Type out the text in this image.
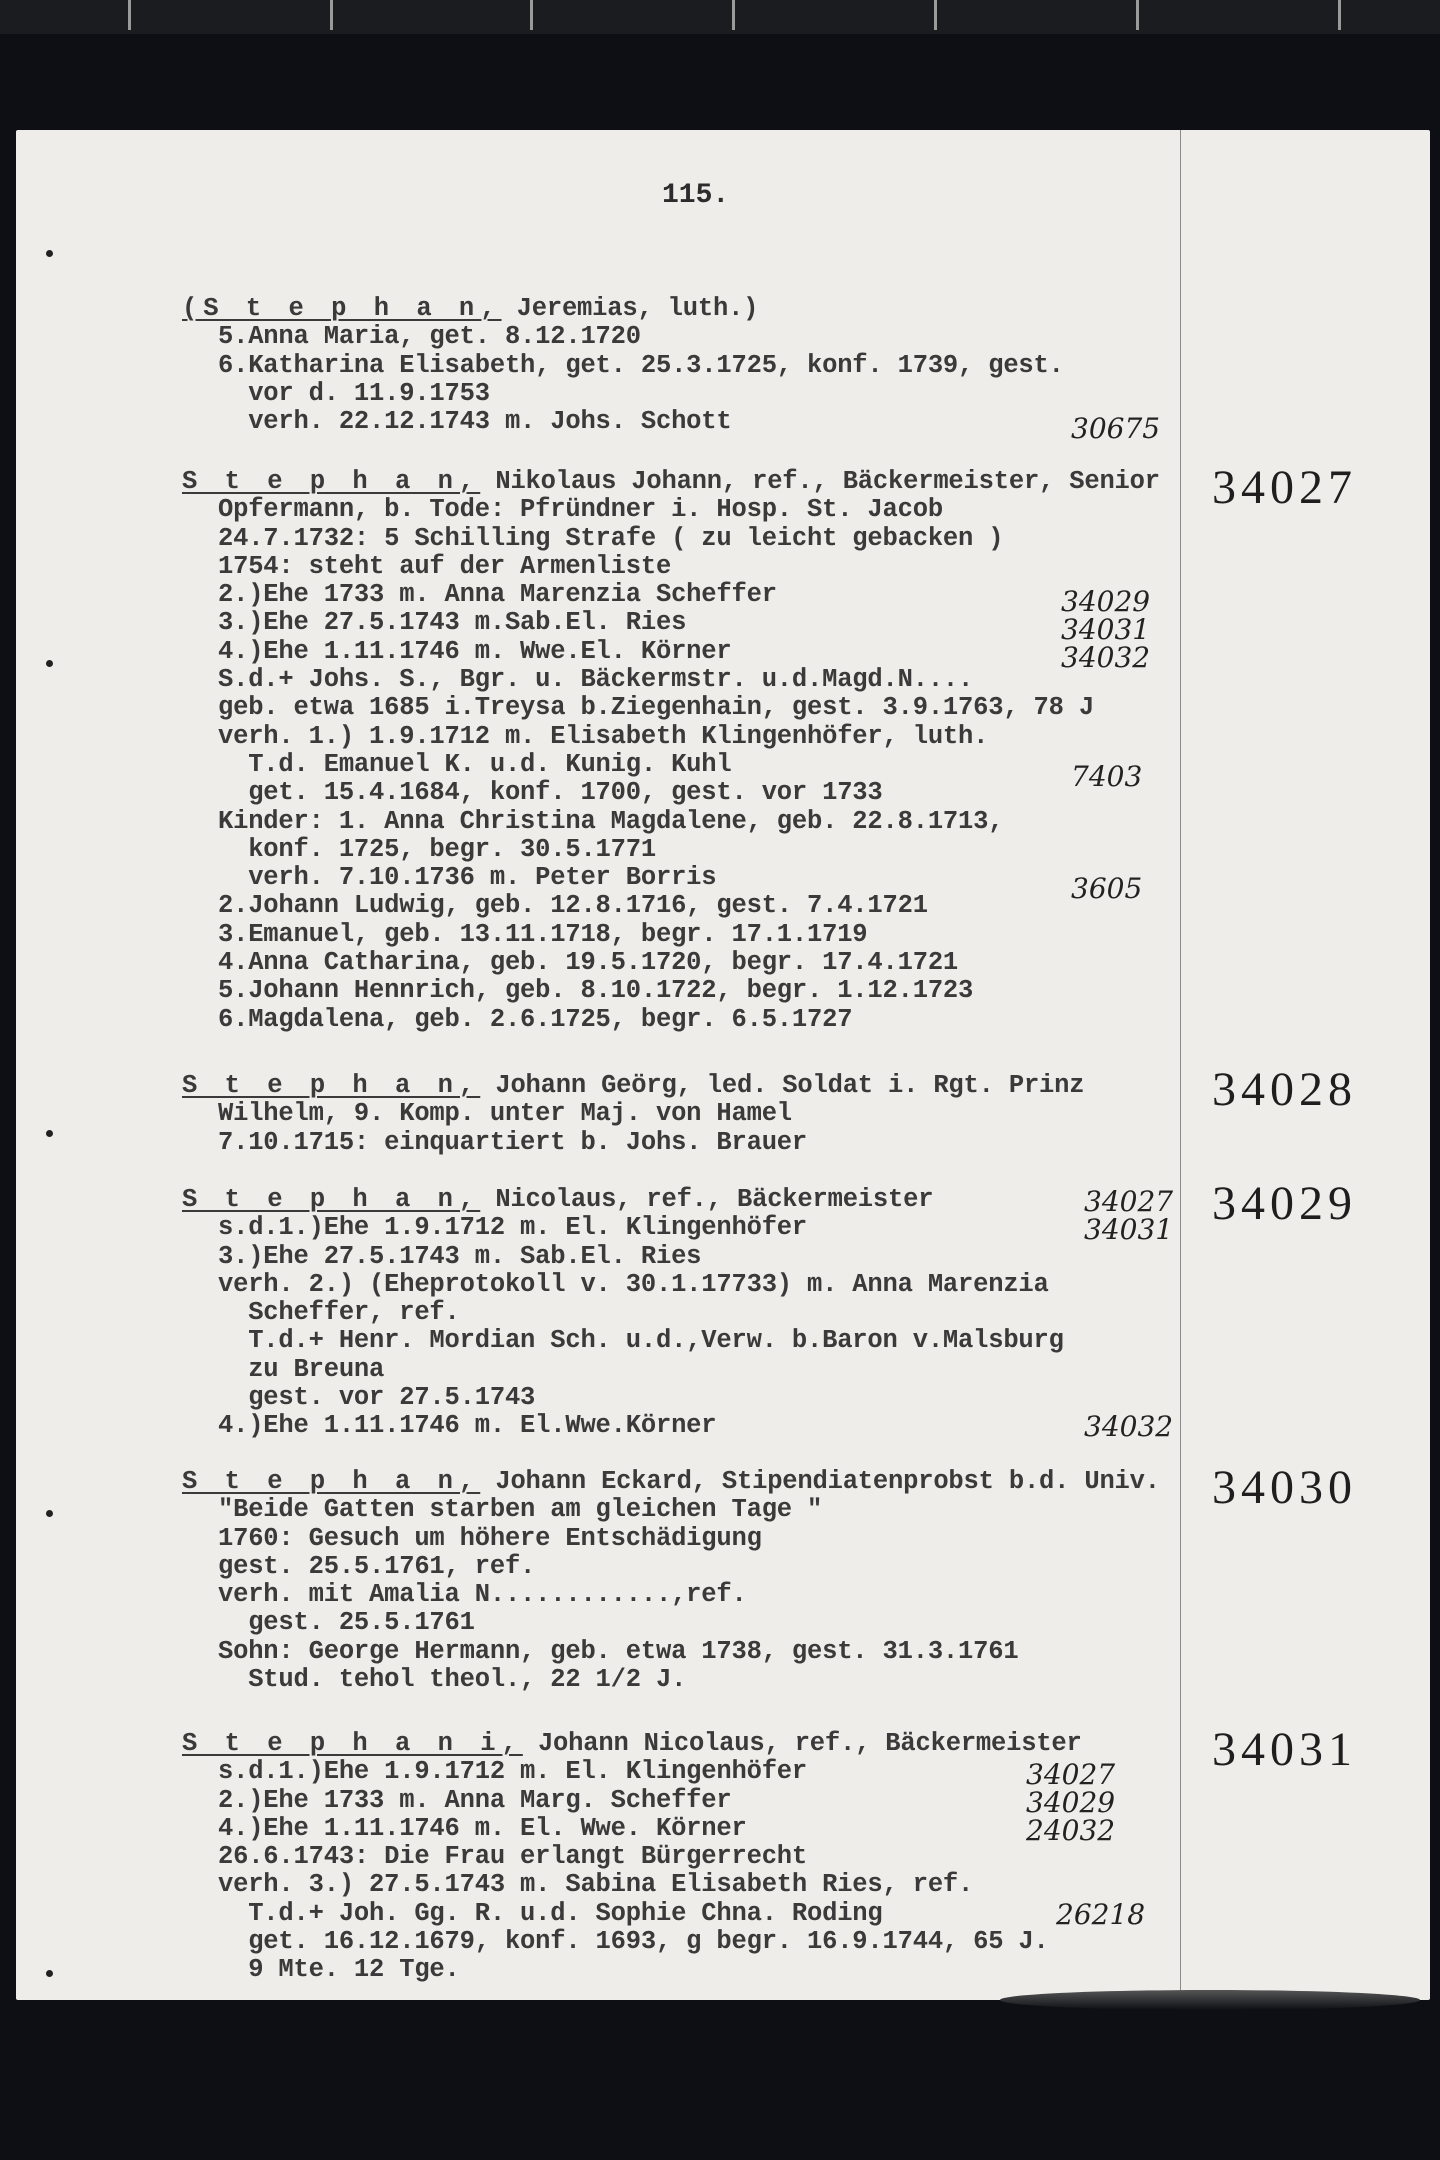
115.
(S t e p h a n, Jeremias, luth.)
5.Anna Maria, get. 8.12.1720
6.Katharina Elisabeth, get. 25.3.1725, konf. 1739, gest.
vor d. 11.9.1753
verh. 22.12.1743 m. Johs. Schott	30675
S t e p h a n, Nikolaus Johann, ref., Bäckermeister, Senior
Opfermann, b. Tode: Pfründner i. Hosp. St. Jacob
24.7.1732: 5 Schilling Strafe ( zu leicht gebacken )
1754: steht auf der Armenliste
2.)Ehe 1733 m. Anna Marenzia Scheffer
3.)Ehe 27.5.1743 m.Sab.El. Ries
4.)Ehe 1.11.1746 m. Wwe.El. Körner
S.d.+ Johs. S., Bgr. u. Bäckermstr. u.d.Magd.N....
geb. etwa 1685 i.Treysa b.Ziegenhain, gest. 3.9.1763, 78 J
verh. 1.) 1.9.1712 m. Elisabeth Klingenhöfer, luth.
T.d. Emanuel K. u.d. Kunig. Kuhl
get. 15.4.1684, konf. 1700, gest. vor 1733
Kinder: 1. Anna Christina Magdalene, geb. 22.8.1713,
konf. 1725, begr. 30.5.1771
verh. 7.10.1736 m. Peter Borris
2.Johann Ludwig, geb. 12.8.1716, gest. 7.4.1721
3.Emanuel, geb. 13.11.1718, begr. 17.1.1719
4.Anna Catharina, geb. 19.5.1720, begr. 17.4.1721
5.Johann Hennrich, geb. 8.10.1722, begr. 1.12.1723
6.Magdalena, geb. 2.6.1725, begr. 6.5.1727
34027
34029
34031
34032
7403
3605
S t e p h a n, Johann Geörg, led. Soldat i. Rgt. Prinz
Wilhelm, 9. Komp. unter Maj. von Hamel
7.10.1715: einquartiert b. Johs. Brauer
34028
S t e p h a n, Nicolaus, ref., Bäckermeister
s.d.1.)Ehe 1.9.1712 m. El. Klingenhöfer
3.)Ehe 27.5.1743 m. Sab.El. Ries
verh. 2.) (Eheprotokoll v. 30.1.17733) m. Anna Marenzia
Scheffer, ref.
T.d.+ Henr. Mordian Sch. u.d.,Verw. b.Baron v.Malsburg
zu Breuna
gest. vor 27.5.1743
4.)Ehe 1.11.1746 m. El.Wwe.Körner
34029
34027
34031
34032
S t e p h a n, Johann Eckard, Stipendiatenprobst b.d. Univ.
"Beide Gatten starben am gleichen Tage "
1760: Gesuch um höhere Entschädigung
gest. 25.5.1761, ref.
verh. mit Amalia N............,ref.
gest. 25.5.1761
Sohn: George Hermann, geb. etwa 1738, gest. 31.3.1761
Stud. tehol theol., 22 1/2 J.
34030
S t e p h a n i, Johann Nicolaus, ref., Bäckermeister
s.d.1.)Ehe 1.9.1712 m. El. Klingenhöfer
2.)Ehe 1733 m. Anna Marg. Scheffer
4.)Ehe 1.11.1746 m. El. Wwe. Körner
26.6.1743: Die Frau erlangt Bürgerrecht
verh. 3.) 27.5.1743 m. Sabina Elisabeth Ries, ref.
T.d.+ Joh. Gg. R. u.d. Sophie Chna. Roding
get. 16.12.1679, konf. 1693, g begr. 16.9.1744, 65 J.
9 Mte. 12 Tge.
34031
34027
34029
24032
26218
